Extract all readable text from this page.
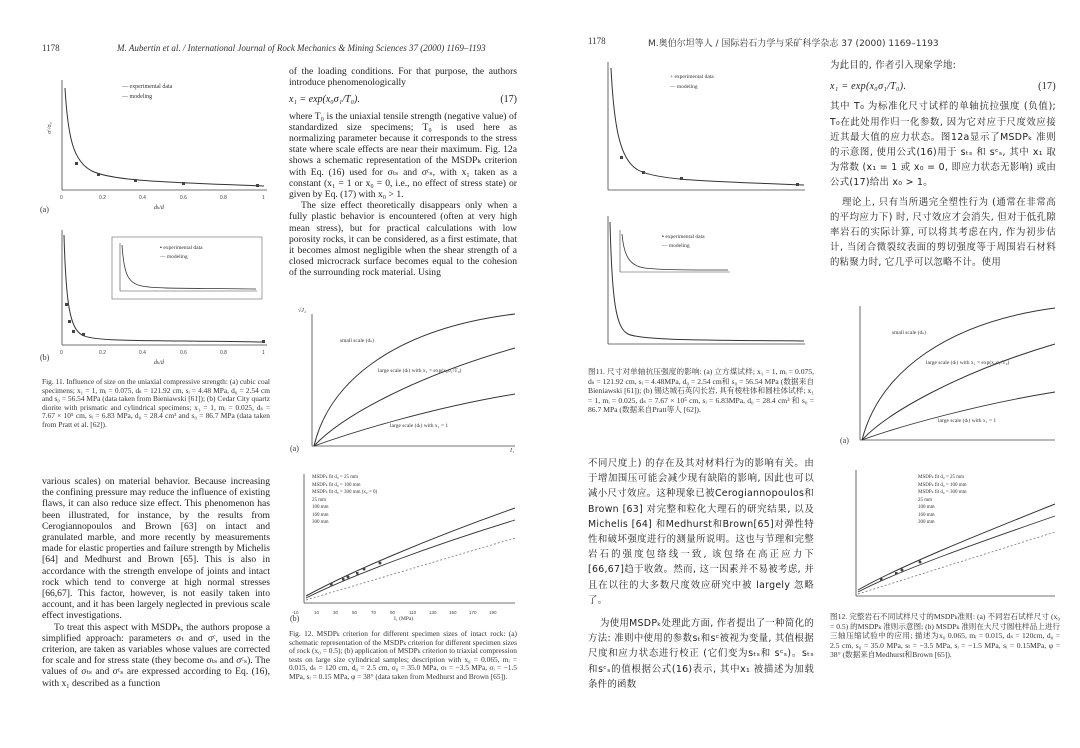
1178	M. Aubertin et al. / International Journal of Rock Mechanics & Mining Sciences 37 (2000) 1169–1193
0	0.2	0.4	0.6	0.8	1
— experimental data
— modeling
(a)	dₖ/d
σᶜ/σ₀
0	0.2	0.4	0.6	0.8	1
▪ experimental data
— modeling
(b)
dₖ/d
Fig. 11. Influence of size on the uniaxial compressive strength: (a) cubic coal specimens; x₁ = 1, mᵢ = 0.075, dₛ = 121.92 cm, sᵢ = 4.48 MPa, d₀ = 2.54 cm and s₀ = 56.54 MPa (data taken from Bieniawski [61]); (b) Cedar City quartz diorite with prismatic and cylindrical specimens; x₁ = 1, mᵢ = 0.025, dₛ = 7.67 × 10⁵ cm, sᵢ = 6.83 MPa, d₀ = 28.4 cm³ and s₀ = 86.7 MPa (data taken from Pratt et al. [62]).

of the loading conditions. For that purpose, the authors introduce phenomenologically

x₁ = exp(x₀σ₁/T₀).	(17)

where T₀ is the uniaxial tensile strength (negative value) of standardized size specimens; T₀ is used here as normalizing parameter because it corresponds to the stress state where scale effects are near their maximum. Fig. 12a shows a schematic representation of the MSDPₖ criterion with Eq. (16) used for σₜₛ and σᶜₛ, with x₁ taken as a constant (x₁ = 1 or x₀ = 0, i.e., no effect of stress state) or given by Eq. (17) with x₀ > 1.

The size effect theoretically disappears only when a fully plastic behavior is encountered (often at very high mean stress), but for practical calculations with low porosity rocks, it can be considered, as a first estimate, that it becomes almost negligible when the shear strength of a closed microcrack surface becomes equal to the cohesion of the surrounding rock material. Using

small scale (dₛ)
large scale (dₗ) with x₁ = exp(x₀σ₁/T₀)
large scale (dₗ) with x₁ = 1
(a)	I₁
√J₂
-10	10	30	50	70	90	110	130	150	170	190
MSDPₖ fit d₀ = 25 mm
MSDPₖ fit d₀ = 100 mm
MSDPₖ fit d₀ = 300 mm (x₀ = 0)
25 mm
100 mm
160 mm
300 mm
(b)	I₁ (MPa)
Fig. 12. MSDPₖ criterion for different specimen sizes of intact rock: (a) schematic representation of the MSDPₖ criterion for different specimen sizes of rock (x₀ = 0.5); (b) application of MSDPₖ criterion to triaxial compression tests on large size cylindrical samples; description with x₀ = 0.065, mᵢ = 0.015, dₛ = 120 cm, d₀ = 2.5 cm, σ₀ = 35.0 MPa, σₜ = −3.5 MPa, σᵢ = −1.5 MPa, sᵢ = 0.15 MPa, φ = 38° (data taken from Medhurst and Brown [65]).

various scales) on material behavior. Because increasing the confining pressure may reduce the influence of existing flaws, it can also reduce size effect. This phenomenon has been illustrated, for instance, by the results from Cerogiannopoulos and Brown [63] on intact and granulated marble, and more recently by measurements made for elastic properties and failure strength by Michelis [64] and Medhurst and Brown [65]. This is also in accordance with the strength envelope of joints and intact rock which tend to converge at high normal stresses [66,67]. This factor, however, is not easily taken into account, and it has been largely neglected in previous scale effect investigations.

To treat this aspect with MSDPₖ, the authors propose a simplified approach: parameters σₜ and σᶜ, used in the criterion, are taken as variables whose values are corrected for scale and for stress state (they become σₜₛ and σᶜₛ). The values of σₜₛ and σᶜₛ are expressed according to Eq. (16), with x₁ described as a function

1178	M.奥伯尔坦等人 / 国际岩石力学与采矿科学杂志 37 (2000) 1169–1193
+ experimental data
— modeling
▪ experimental data
— modeling
图11. 尺寸对单轴抗压强度的影响: (a) 立方煤试样; x₁ = 1, mᵢ = 0.075, dₛ = 121.92 cm, sᵢ = 4.48MPa, d₀ = 2.54 cm和 s₀ = 56.54 MPa (数据来自Bieniawski [61]); (b) 锡达城石英闪长岩, 具有棱柱体和圆柱体试样; x₁ = 1, mᵢ = 0.025, dₛ = 7.67 × 10⁵ cm, sᵢ = 6.83MPa, d₀ = 28.4 cm³ 和 s₀ = 86.7 MPa (数据来自Pratt等人 [62]).

为此目的, 作者引入现象学地:

x₁ = exp(x₀σ₁/T₀).	(17)

其中 T₀ 为标准化尺寸试样的单轴抗拉强度 (负值); T₀在此处用作归一化参数, 因为它对应于尺度效应接近其最大值的应力状态。图12a显示了MSDPₖ 准则的示意图, 使用公式(16)用于 sₜₛ 和 sᶜₛ, 其中 x₁ 取为常数 (x₁ = 1 或 x₀ = 0, 即应力状态无影响) 或由公式(17)给出 x₀ > 1。

理论上, 只有当所遇完全塑性行为 (通常在非常高的平均应力下) 时, 尺寸效应才会消失, 但对于低孔隙率岩石的实际计算, 可以将其考虑在内, 作为初步估计, 当闭合微裂纹表面的剪切强度等于周围岩石材料的粘聚力时, 它几乎可以忽略不计。使用

small scale (dₛ)
large scale (dₗ) with x₁ = exp(x₀σ₁/T₀)
large scale (dₗ) with x₁ = 1
(a)
MSDPₖ fit d₀ = 25 mm
MSDPₖ fit d₀ = 100 mm
MSDPₖ fit d₀ = 300 mm
25 mm
100 mm
160 mm
300 mm
图12. 完整岩石不同试样尺寸的MSDPₖ准则: (a) 不同岩石试样尺寸 (x₀ = 0.5) 的MSDPₖ 准则示意图; (b) MSDPₖ 准则在大尺寸圆柱样品上进行三轴压缩试验中的应用; 描述为x₀ 0.065, mᵢ = 0.015, dₛ = 120cm, d₀ = 2.5 cm, s₀ = 35.0 MPa, sₜ = −3.5 MPa, sᵢ = −1.5 MPa, sᵢ = 0.15MPa, φ = 38° (数据来自Medhurst和Brown [65]).

不同尺度上) 的存在及其对材料行为的影响有关。由于增加围压可能会减少现有缺陷的影响, 因此也可以减小尺寸效应。这种现象已被Cerogiannopoulos和Brown [63] 对完整和粒化大理石的研究结果, 以及Michelis [64] 和Medhurst和Brown[65]对弹性特性和破坏强度进行的测量所说明。这也与节理和完整岩石的强度包络线一致, 该包络在高正应力下 [66,67]趋于收敛。然而, 这一因素并不易被考虑, 并且在以往的大多数尺度效应研究中被 largely 忽略了。

为使用MSDPₖ处理此方面, 作者提出了一种简化的方法: 准则中使用的参数sₜ和sᶜ被视为变量, 其值根据尺度和应力状态进行校正 (它们变为sₜₛ和 sᶜₛ)。sₜₛ 和sᶜₛ的值根据公式(16)表示, 其中x₁ 被描述为加载条件的函数
